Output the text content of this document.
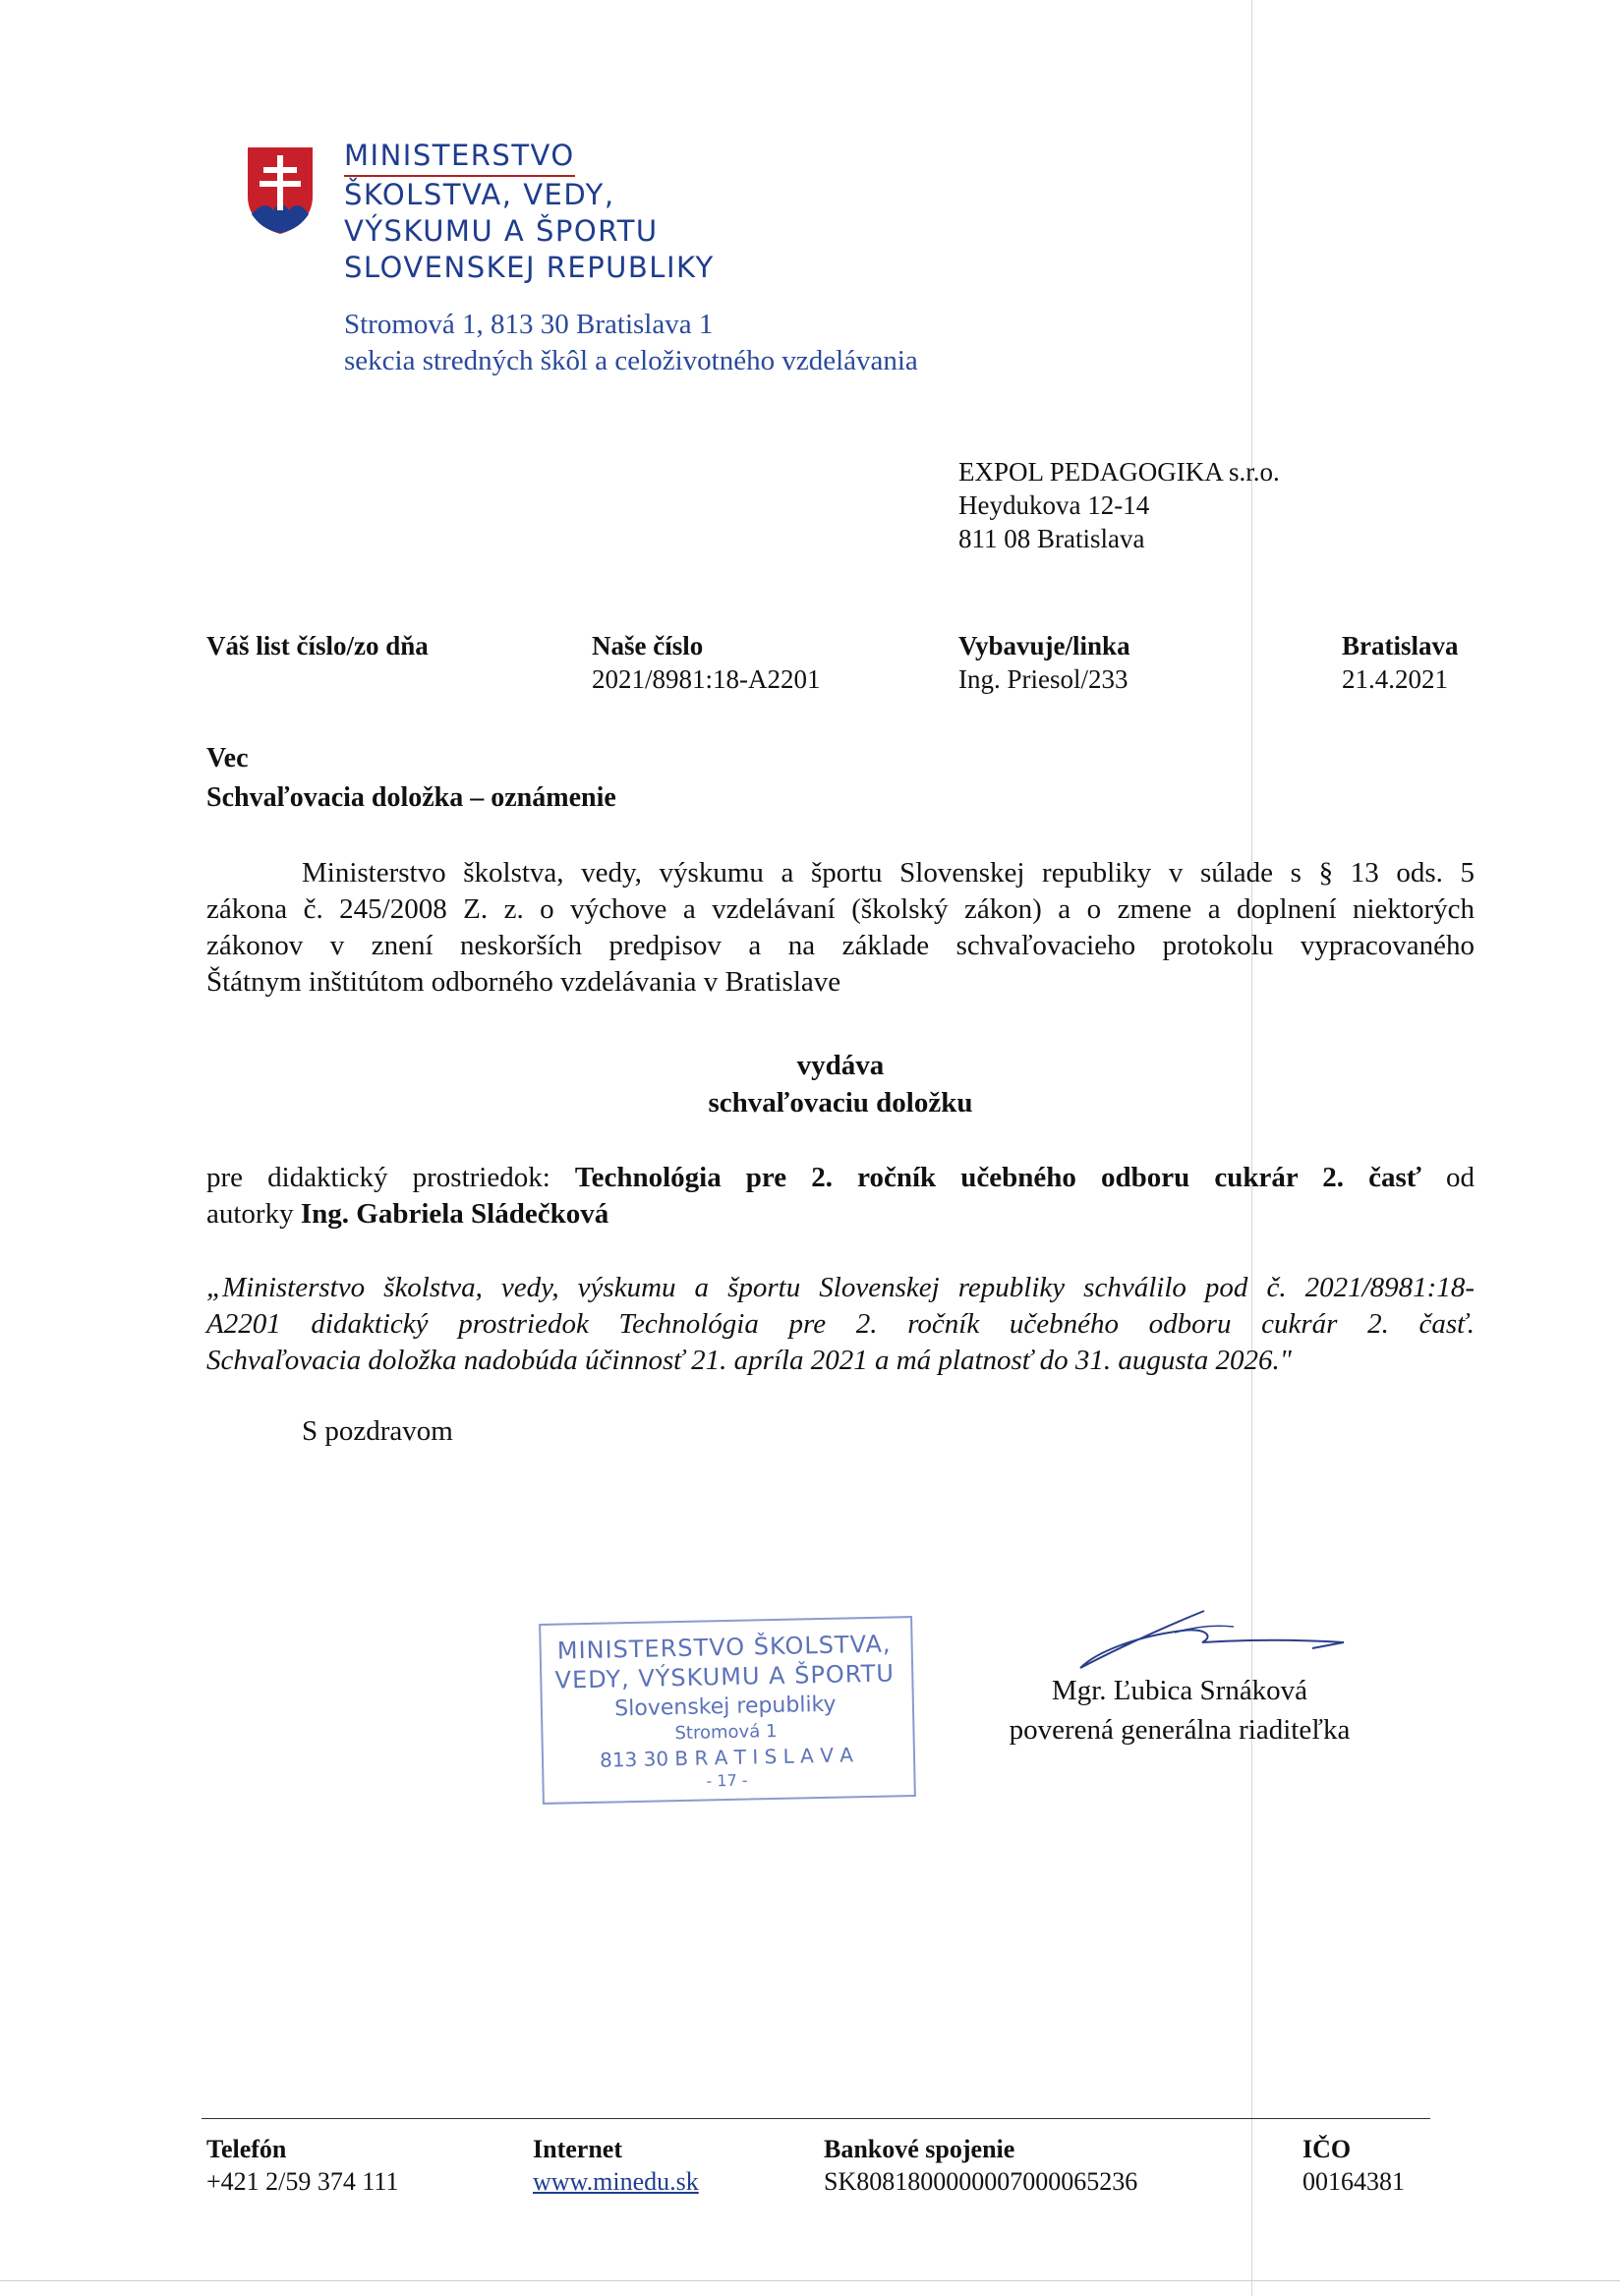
MINISTERSTVO
ŠKOLSTVA, VEDY,
VÝSKUMU A ŠPORTU
SLOVENSKEJ REPUBLIKY
Stromová 1, 813 30 Bratislava 1
sekcia stredných škôl a celoživotného vzdelávania
EXPOL PEDAGOGIKA s.r.o.
Heydukova 12-14
811 08 Bratislava
Váš list číslo/zo dňa	Naše číslo
2021/8981:18-A2201
Vybavuje/linka
Ing. Priesol/233
Bratislava
21.4.2021
Vec
Schvaľovacia doložka – oznámenie
Ministerstvo školstva, vedy, výskumu a športu Slovenskej republiky v súlade s § 13 ods. 5
zákona č. 245/2008 Z. z. o výchove a vzdelávaní (školský zákon) a o zmene a doplnení niektorých
zákonov v znení neskorších predpisov a na základe schvaľovacieho protokolu vypracovaného
Štátnym inštitútom odborného vzdelávania v Bratislave
vydáva
schvaľovaciu doložku
pre didaktický prostriedok: Technológia pre 2. ročník učebného odboru cukrár 2. časť od
autorky Ing. Gabriela Sládečková
„Ministerstvo školstva, vedy, výskumu a športu Slovenskej republiky schválilo pod č. 2021/8981:18-
A2201 didaktický prostriedok Technológia pre 2. ročník učebného odboru cukrár 2. časť.
Schvaľovacia doložka nadobúda účinnosť 21. apríla 2021 a má platnosť do 31. augusta 2026."
S pozdravom
MINISTERSTVO ŠKOLSTVA,
VEDY, VÝSKUMU A ŠPORTU
Slovenskej republiky
Stromová 1
813 30 B R A T I S L A V A
- 17 -
Mgr. Ľubica Srnáková
poverená generálna riaditeľka
Telefón
+421 2/59 374 111
Internet
www.minedu.sk
Bankové spojenie
SK8081800000007000065236
IČO
00164381
